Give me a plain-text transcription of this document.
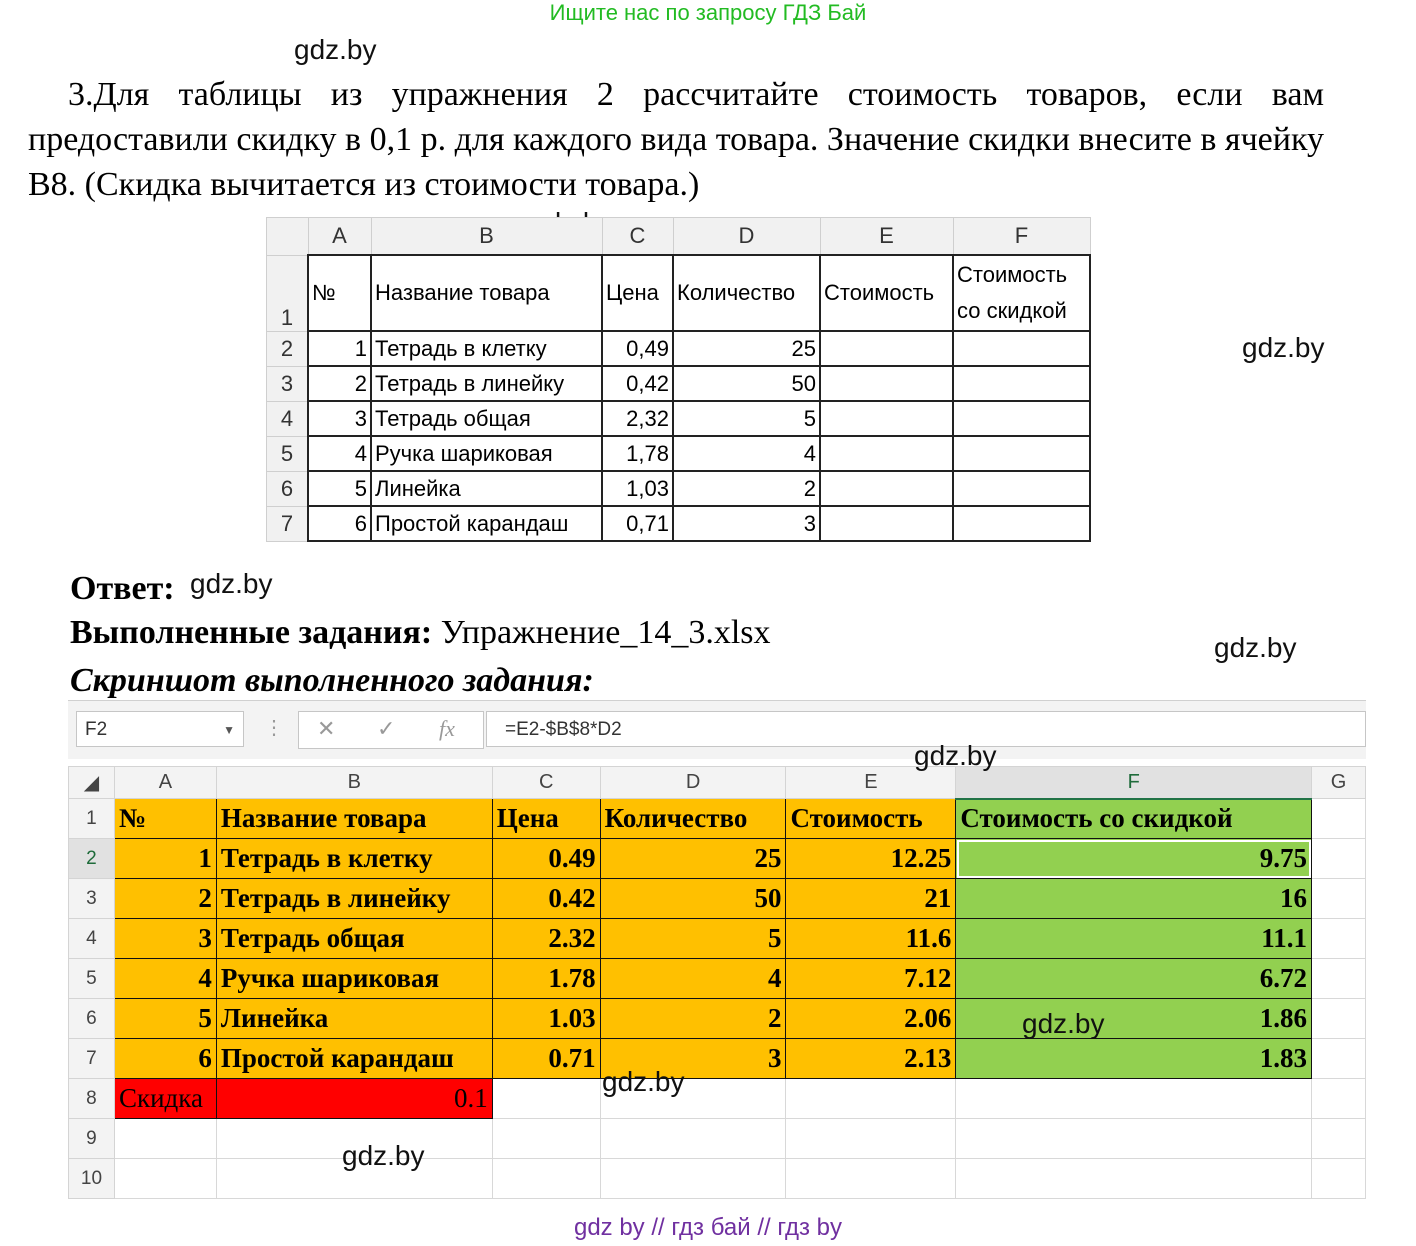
Ищите нас по запросу ГДЗ Бай
gdz.by
3.Для таблицы из упражнения 2 рассчитайте стоимость товаров, если вам предоставили скидку в 0,1 р. для каждого вида товара. Значение скидки внесите в ячейку B8. (Скидка вычитается из стоимости товара.)
gdz.by
	A	B	C	D	E	F
1	№	Название товара	Цена	Количество	Стоимость	Стоимость
со скидкой
2	1	Тетрадь в клетку	0,49	25		
3	2	Тетрадь в линейку	0,42	50		
4	3	Тетрадь общая	2,32	5		
5	4	Ручка шариковая	1,78	4		
6	5	Линейка	1,03	2		
7	6	Простой карандаш	0,71	3		
Ответ: gdz.by
Выполненные задания: Упражнение_14_3.xlsx	gdz.by
Скриншот выполненного задания:
F2	▼ ⋮ ✕ ✓ fx	=E2-$B$8*D2
◢	A	B	C	D	E	F	G
1	№	Название товара	Цена	Количество	Стоимость	Стоимость со скидкой	
2	1	Тетрадь в клетку	0.49	25	12.25	9.75	
3	2	Тетрадь в линейку	0.42	50	21	16	
4	3	Тетрадь общая	2.32	5	11.6	11.1	
5	4	Ручка шариковая	1.78	4	7.12	6.72	
6	5	Линейка	1.03	2	2.06	1.86	
7	6	Простой карандаш	0.71	3	2.13	1.83	
8	Скидка	0.1					
9							
10							
gdz.by
gdz.by
gdz.by
gdz.by
gdz by // гдз бай // гдз by
